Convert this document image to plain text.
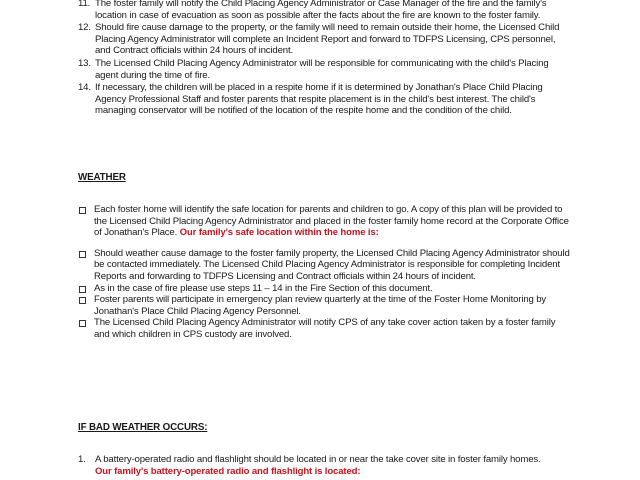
11. The foster family will notify the Child Placing Agency Administrator or Case Manager of the fire and the family's location in case of evacuation as soon as possible after the facts about the fire are known to the foster family.
12. Should fire cause damage to the property, or the family will need to remain outside their home, the Licensed Child Placing Agency Administrator will complete an Incident Report and forward to TDFPS Licensing, CPS personnel, and Contract officials within 24 hours of incident.
13. The Licensed Child Placing Agency Administrator will be responsible for communicating with the child's Placing agent during the time of fire.
14. If necessary, the children will be placed in a respite home if it is determined by Jonathan's Place Child Placing Agency Professional Staff and foster parents that respite placement is in the child's best interest. The child's managing conservator will be notified of the location of the respite home and the condition of the child.
WEATHER
Each foster home will identify the safe location for parents and children to go. A copy of this plan will be provided to the Licensed Child Placing Agency Administrator and placed in the foster family home record at the Corporate Office of Jonathan's Place. Our family's safe location within the home is:
Should weather cause damage to the foster family property, the Licensed Child Placing Agency Administrator should be contacted immediately. The Licensed Child Placing Agency Administrator is responsible for completing Incident Reports and forwarding to TDFPS Licensing and Contract officials within 24 hours of incident.
As in the case of fire please use steps 11 – 14 in the Fire Section of this document.
Foster parents will participate in emergency plan review quarterly at the time of the Foster Home Monitoring by Jonathan's Place Child Placing Agency Personnel.
The Licensed Child Placing Agency Administrator will notify CPS of any take cover action taken by a foster family and which children in CPS custody are involved.
IF BAD WEATHER OCCURS:
1. A battery-operated radio and flashlight should be located in or near the take cover site in foster family homes.
Our family's battery-operated radio and flashlight is located:
